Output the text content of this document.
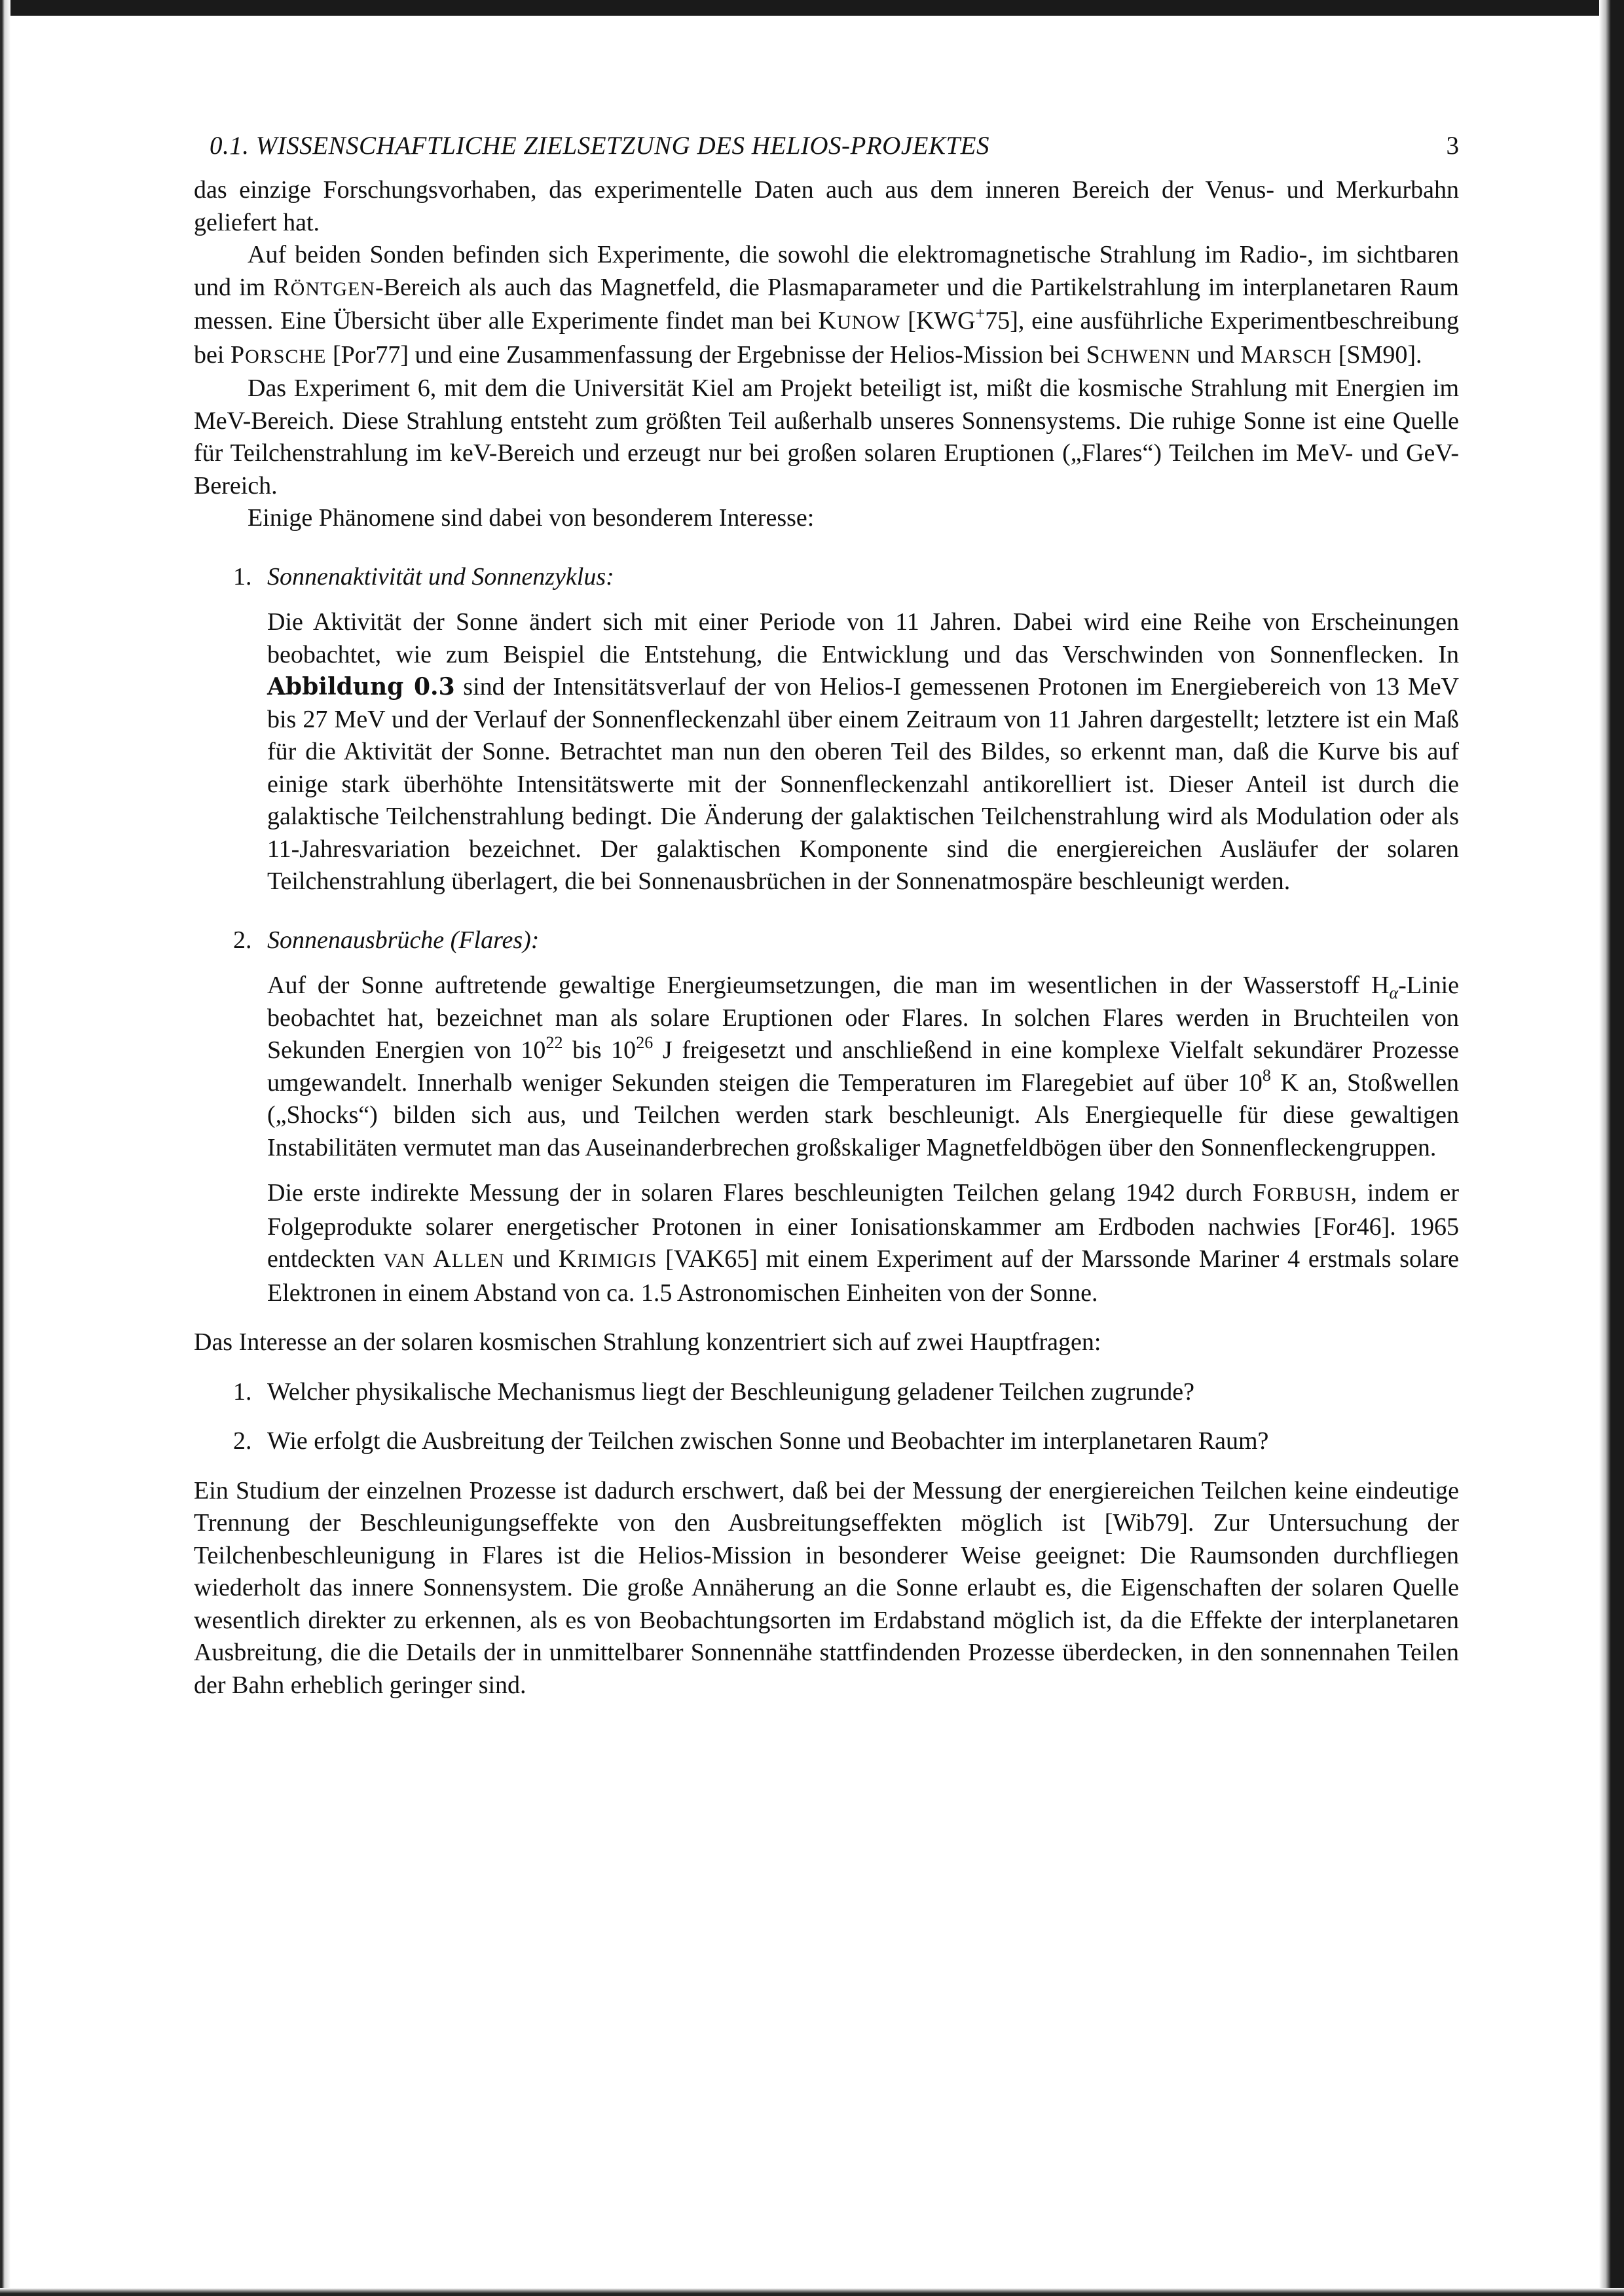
0.1. WISSENSCHAFTLICHE ZIELSETZUNG DES HELIOS-PROJEKTES	3

das einzige Forschungsvorhaben, das experimentelle Daten auch aus dem inneren Bereich der Venus- und Merkurbahn geliefert hat.

Auf beiden Sonden befinden sich Experimente, die sowohl die elektromagnetische Strahlung im Radio-, im sichtbaren und im RÖNTGEN-Bereich als auch das Magnetfeld, die Plasmaparameter und die Partikelstrahlung im interplanetaren Raum messen. Eine Übersicht über alle Experimente findet man bei KUNOW [KWG+75], eine ausführliche Experimentbeschreibung bei PORSCHE [Por77] und eine Zusammenfassung der Ergebnisse der Helios-Mission bei SCHWENN und MARSCH [SM90].

Das Experiment 6, mit dem die Universität Kiel am Projekt beteiligt ist, mißt die kosmische Strahlung mit Energien im MeV-Bereich. Diese Strahlung entsteht zum größten Teil außerhalb unseres Sonnensystems. Die ruhige Sonne ist eine Quelle für Teilchenstrahlung im keV-Bereich und erzeugt nur bei großen solaren Eruptionen („Flares“) Teilchen im MeV- und GeV-Bereich.

Einige Phänomene sind dabei von besonderem Interesse:

1. Sonnenaktivität und Sonnenzyklus:

Die Aktivität der Sonne ändert sich mit einer Periode von 11 Jahren. Dabei wird eine Reihe von Erscheinungen beobachtet, wie zum Beispiel die Entstehung, die Entwicklung und das Verschwinden von Sonnenflecken. In Abbildung 0.3 sind der Intensitätsverlauf der von Helios-I gemessenen Protonen im Energiebereich von 13 MeV bis 27 MeV und der Verlauf der Sonnenfleckenzahl über einem Zeitraum von 11 Jahren dargestellt; letztere ist ein Maß für die Aktivität der Sonne. Betrachtet man nun den oberen Teil des Bildes, so erkennt man, daß die Kurve bis auf einige stark überhöhte Intensitätswerte mit der Sonnenfleckenzahl antikorelliert ist. Dieser Anteil ist durch die galaktische Teilchenstrahlung bedingt. Die Änderung der galaktischen Teilchenstrahlung wird als Modulation oder als 11-Jahresvariation bezeichnet. Der galaktischen Komponente sind die energiereichen Ausläufer der solaren Teilchenstrahlung überlagert, die bei Sonnenausbrüchen in der Sonnenatmospäre beschleunigt werden.

2. Sonnenausbrüche (Flares):

Auf der Sonne auftretende gewaltige Energieumsetzungen, die man im wesentlichen in der Wasserstoff $H_\alpha$-Linie beobachtet hat, bezeichnet man als solare Eruptionen oder Flares. In solchen Flares werden in Bruchteilen von Sekunden Energien von $10^{22}$ bis $10^{26}$ J freigesetzt und anschließend in eine komplexe Vielfalt sekundärer Prozesse umgewandelt. Innerhalb weniger Sekunden steigen die Temperaturen im Flaregebiet auf über $10^8$ K an, Stoßwellen („Shocks“) bilden sich aus, und Teilchen werden stark beschleunigt. Als Energiequelle für diese gewaltigen Instabilitäten vermutet man das Auseinanderbrechen großskaliger Magnetfeldbögen über den Sonnenfleckengruppen.

Die erste indirekte Messung der in solaren Flares beschleunigten Teilchen gelang 1942 durch FORBUSH, indem er Folgeprodukte solarer energetischer Protonen in einer Ionisationskammer am Erdboden nachwies [For46]. 1965 entdeckten VAN ALLEN und KRIMIGIS [VAK65] mit einem Experiment auf der Marssonde Mariner 4 erstmals solare Elektronen in einem Abstand von ca. 1.5 Astronomischen Einheiten von der Sonne.

Das Interesse an der solaren kosmischen Strahlung konzentriert sich auf zwei Hauptfragen:

1. Welcher physikalische Mechanismus liegt der Beschleunigung geladener Teilchen zugrunde?

2. Wie erfolgt die Ausbreitung der Teilchen zwischen Sonne und Beobachter im interplanetaren Raum?

Ein Studium der einzelnen Prozesse ist dadurch erschwert, daß bei der Messung der energiereichen Teilchen keine eindeutige Trennung der Beschleunigungseffekte von den Ausbreitungseffekten möglich ist [Wib79]. Zur Untersuchung der Teilchenbeschleunigung in Flares ist die Helios-Mission in besonderer Weise geeignet: Die Raumsonden durchfliegen wiederholt das innere Sonnensystem. Die große Annäherung an die Sonne erlaubt es, die Eigenschaften der solaren Quelle wesentlich direkter zu erkennen, als es von Beobachtungsorten im Erdabstand möglich ist, da die Effekte der interplanetaren Ausbreitung, die die Details der in unmittelbarer Sonnennähe stattfindenden Prozesse überdecken, in den sonnennahen Teilen der Bahn erheblich geringer sind.
